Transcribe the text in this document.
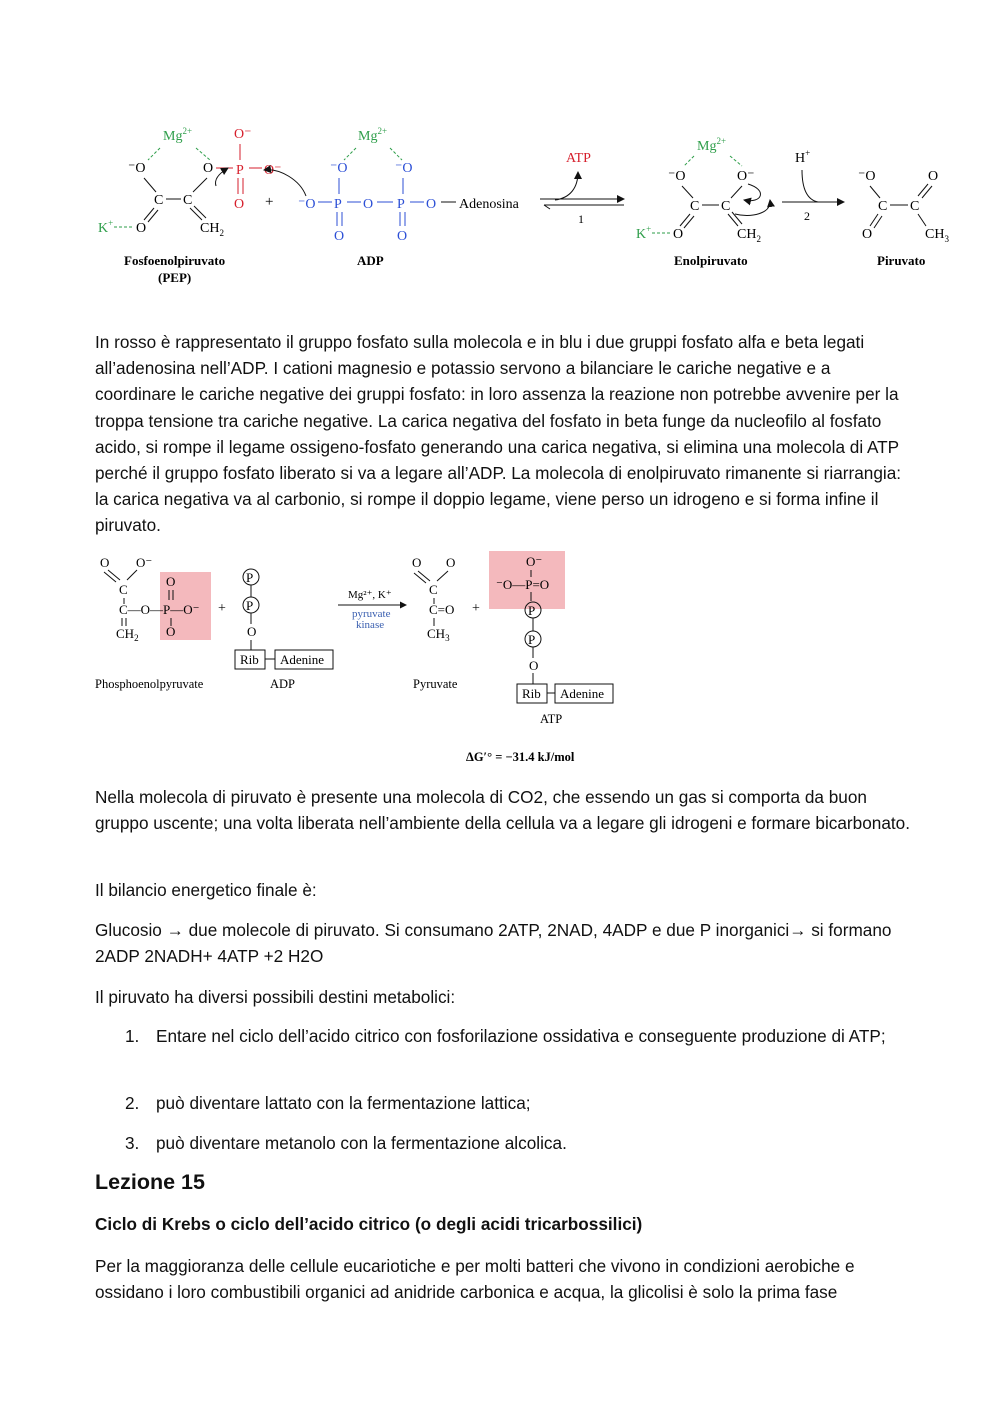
$Mg^{2+}$
⁻O	O
C C
O	$CH_2$
K+
O⁻
P O⁻
O +
$Mg^{2+}$
⁻O	⁻O
⁻O P O P O Adenosina
O	O
ATP
1
$Mg^{2+}$
⁻O	O⁻
C C
O	$CH_2$
K+
H+
2
⁻O	O
C C
O	$CH_3$
Fosfoenolpiruvato
(PEP)
ADP	Enolpiruvato	Piruvato

In rosso è rappresentato il gruppo fosfato sulla molecola e in blu i due gruppi fosfato alfa e beta legati all’adenosina nell’ADP. I cationi magnesio e potassio servono a bilanciare le cariche negative e a coordinare le cariche negative dei gruppi fosfato: in loro assenza la reazione non potrebbe avvenire per la troppa tensione tra cariche negative. La carica negativa del fosfato in beta funge da nucleofilo al fosfato acido, si rompe il legame ossigeno-fosfato generando una carica negativa, si elimina una molecola di ATP perché il gruppo fosfato liberato si va a legare all’ADP. La molecola di enolpiruvato rimanente si riarrangia: la carica negativa va al carbonio, si rompe il doppio legame, viene perso un idrogeno e si forma infine il piruvato.

O O⁻
C
C—O—P—O⁻
$CH_2$
O
O
+
P
P
O
Rib Adenine
Mg²⁺, K⁺
pyruvate
kinase
O O
C
C=O
$CH_3$
+
O⁻
⁻O—P=O
P
P
O
Rib Adenine
Phosphoenolpyruvate	ADP	Pyruvate
ATP
ΔG′° = −31.4 kJ/mol

Nella molecola di piruvato è presente una molecola di CO2, che essendo un gas si comporta da buon gruppo uscente; una volta liberata nell’ambiente della cellula va a legare gli idrogeni e formare bicarbonato.

Il bilancio energetico finale è:

Glucosio → due molecole di piruvato. Si consumano 2ATP, 2NAD, 4ADP e due P inorganici→ si formano 2ADP 2NADH+ 4ATP +2 H2O

Il piruvato ha diversi possibili destini metabolici:

1. Entare nel ciclo dell’acido citrico con fosforilazione ossidativa e conseguente produzione di ATP;
2. può diventare lattato con la fermentazione lattica;
3. può diventare metanolo con la fermentazione alcolica.
Lezione 15
Ciclo di Krebs o ciclo dell’acido citrico (o degli acidi tricarbossilici)

Per la maggioranza delle cellule eucariotiche e per molti batteri che vivono in condizioni aerobiche e ossidano i loro combustibili organici ad anidride carbonica e acqua, la glicolisi è solo la prima fase
